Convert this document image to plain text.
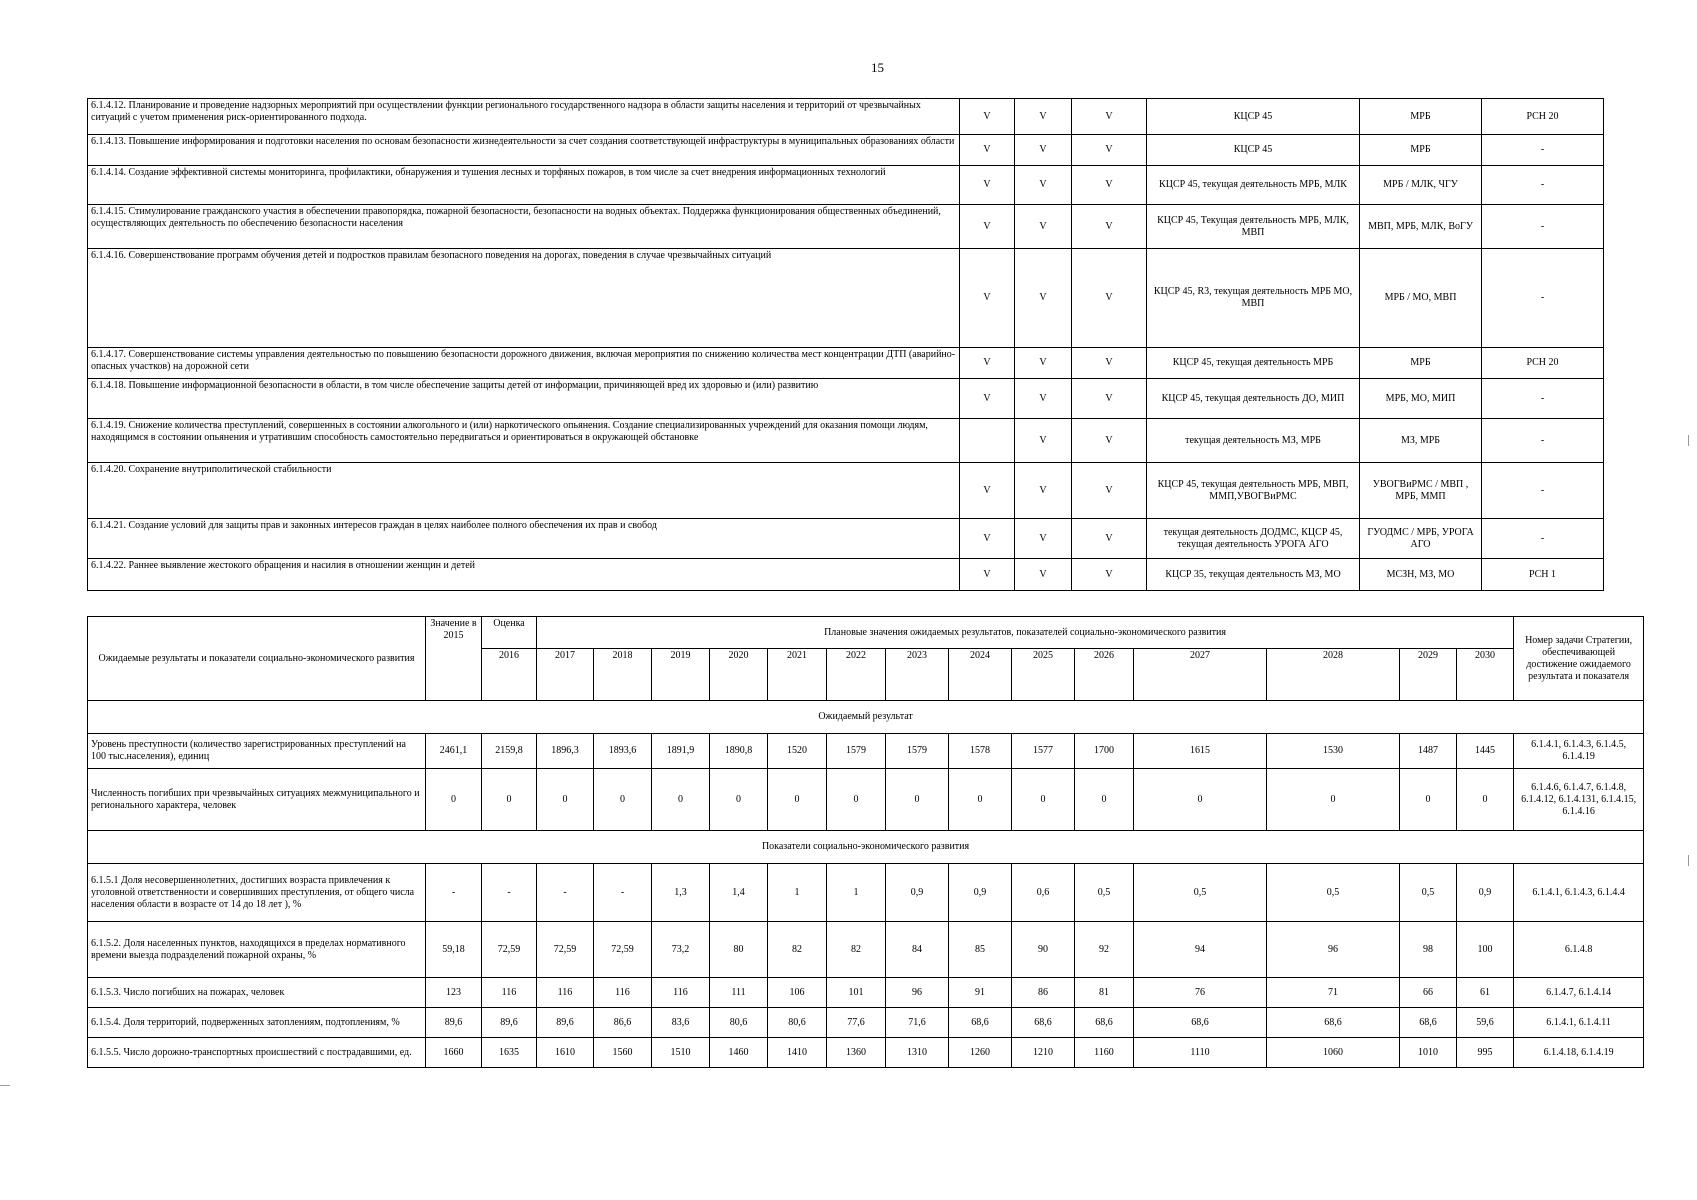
15
6.1.4.12. Планирование и проведение надзорных мероприятий при осуществлении функции регионального государственного надзора в области защиты населения и территорий от чрезвычайных ситуаций с учетом применения риск-ориентированного подхода.	V	V	V	КЦСР 45	МРБ	РСН 20
6.1.4.13. Повышение информирования и подготовки населения по основам безопасности жизнедеятельности за счет создания соответствующей инфраструктуры в муниципальных образованиях области	V	V	V	КЦСР 45	МРБ	-
6.1.4.14. Создание эффективной системы мониторинга, профилактики, обнаружения и тушения лесных и торфяных пожаров, в том числе за счет внедрения информационных технологий	V	V	V	КЦСР 45, текущая деятельность МРБ, МЛК	МРБ / МЛК, ЧГУ	-
6.1.4.15. Стимулирование гражданского участия в обеспечении правопорядка, пожарной безопасности, безопасности на водных объектах. Поддержка функционирования общественных объединений, осуществляющих деятельность по обеспечению безопасности населения	V	V	V	КЦСР 45, Текущая деятельность МРБ, МЛК, МВП	МВП, МРБ, МЛК, ВоГУ	-
6.1.4.16. Совершенствование программ обучения детей и подростков правилам безопасного поведения на дорогах, поведения в случае чрезвычайных ситуаций	V	V	V	КЦСР 45, R3, текущая деятельность МРБ МО, МВП	МРБ / МО, МВП	-
6.1.4.17. Совершенствование системы управления деятельностью по повышению безопасности дорожного движения, включая мероприятия по снижению количества мест концентрации ДТП (аварийно-опасных участков) на дорожной сети	V	V	V	КЦСР 45, текущая деятельность МРБ	МРБ	РСН 20
6.1.4.18. Повышение информационной безопасности в области, в том числе обеспечение защиты детей от информации, причиняющей вред их здоровью и (или) развитию	V	V	V	КЦСР 45, текущая деятельность ДО, МИП	МРБ, МО, МИП	-
6.1.4.19. Снижение количества преступлений, совершенных в состоянии алкогольного и (или) наркотического опьянения. Создание специализированных учреждений для оказания помощи людям, находящимся в состоянии опьянения и утратившим способность самостоятельно передвигаться и ориентироваться в окружающей обстановке		V	V	текущая деятельность МЗ, МРБ	МЗ, МРБ	-
6.1.4.20. Сохранение внутриполитической стабильности	V	V	V	КЦСР 45, текущая деятельность МРБ, МВП, ММП,УВОГВиРМС	УВОГВиРМС / МВП , МРБ, ММП	-
6.1.4.21. Создание условий для защиты прав и законных интересов граждан в целях наиболее полного обеспечения их прав и свобод	V	V	V	текущая деятельность ДОДМС, КЦСР 45, текущая деятельность УРОГА АГО	ГУОДМС / МРБ, УРОГА АГО	-
6.1.4.22. Раннее выявление жестокого обращения и насилия в отношении женщин и детей	V	V	V	КЦСР 35, текущая деятельность МЗ, МО	МСЗН, МЗ, МО	РСН 1
Ожидаемые результаты и показатели социально-экономического развития	Значение в 2015	Оценка	Плановые значения ожидаемых результатов, показателей социально-экономического развития														Номер задачи Стратегии, обеспечивающей достижение ожидаемого результата и показателя
		2016	2017	2018	2019	2020	2021	2022	2023	2024	2025	2026	2027	2028	2029	2030	
Ожидаемый результат																	
Уровень преступности (количество зарегистрированных преступлений на 100 тыс.населения), единиц	2461,1	2159,8	1896,3	1893,6	1891,9	1890,8	1520	1579	1579	1578	1577	1700	1615	1530	1487	1445	6.1.4.1, 6.1.4.3, 6.1.4.5, 6.1.4.19
Численность погибших при чрезвычайных ситуациях межмуниципального и регионального характера, человек	0	0	0	0	0	0	0	0	0	0	0	0	0	0	0	0	6.1.4.6, 6.1.4.7, 6.1.4.8, 6.1.4.12, 6.1.4.131, 6.1.4.15, 6.1.4.16
Показатели социально-экономического развития																	
6.1.5.1 Доля несовершеннолетних, достигших возраста привлечения к уголовной ответственности и совершивших преступления, от общего числа населения области в возрасте от 14 до 18 лет ), %	-	-	-	-	1,3	1,4	1	1	0,9	0,9	0,6	0,5	0,5	0,5	0,5	0,9	6.1.4.1, 6.1.4.3, 6.1.4.4
6.1.5.2. Доля населенных пунктов, находящихся в пределах нормативного времени выезда подразделений пожарной охраны, %	59,18	72,59	72,59	72,59	73,2	80	82	82	84	85	90	92	94	96	98	100	6.1.4.8
6.1.5.3. Число погибших на пожарах, человек	123	116	116	116	116	111	106	101	96	91	86	81	76	71	66	61	6.1.4.7, 6.1.4.14
6.1.5.4. Доля территорий, подверженных затоплениям, подтоплениям, %	89,6	89,6	89,6	86,6	83,6	80,6	80,6	77,6	71,6	68,6	68,6	68,6	68,6	68,6	68,6	59,6	6.1.4.1, 6.1.4.11
6.1.5.5. Число дорожно-транспортных происшествий с пострадавшими, ед.	1660	1635	1610	1560	1510	1460	1410	1360	1310	1260	1210	1160	1110	1060	1010	995	6.1.4.18, 6.1.4.19
